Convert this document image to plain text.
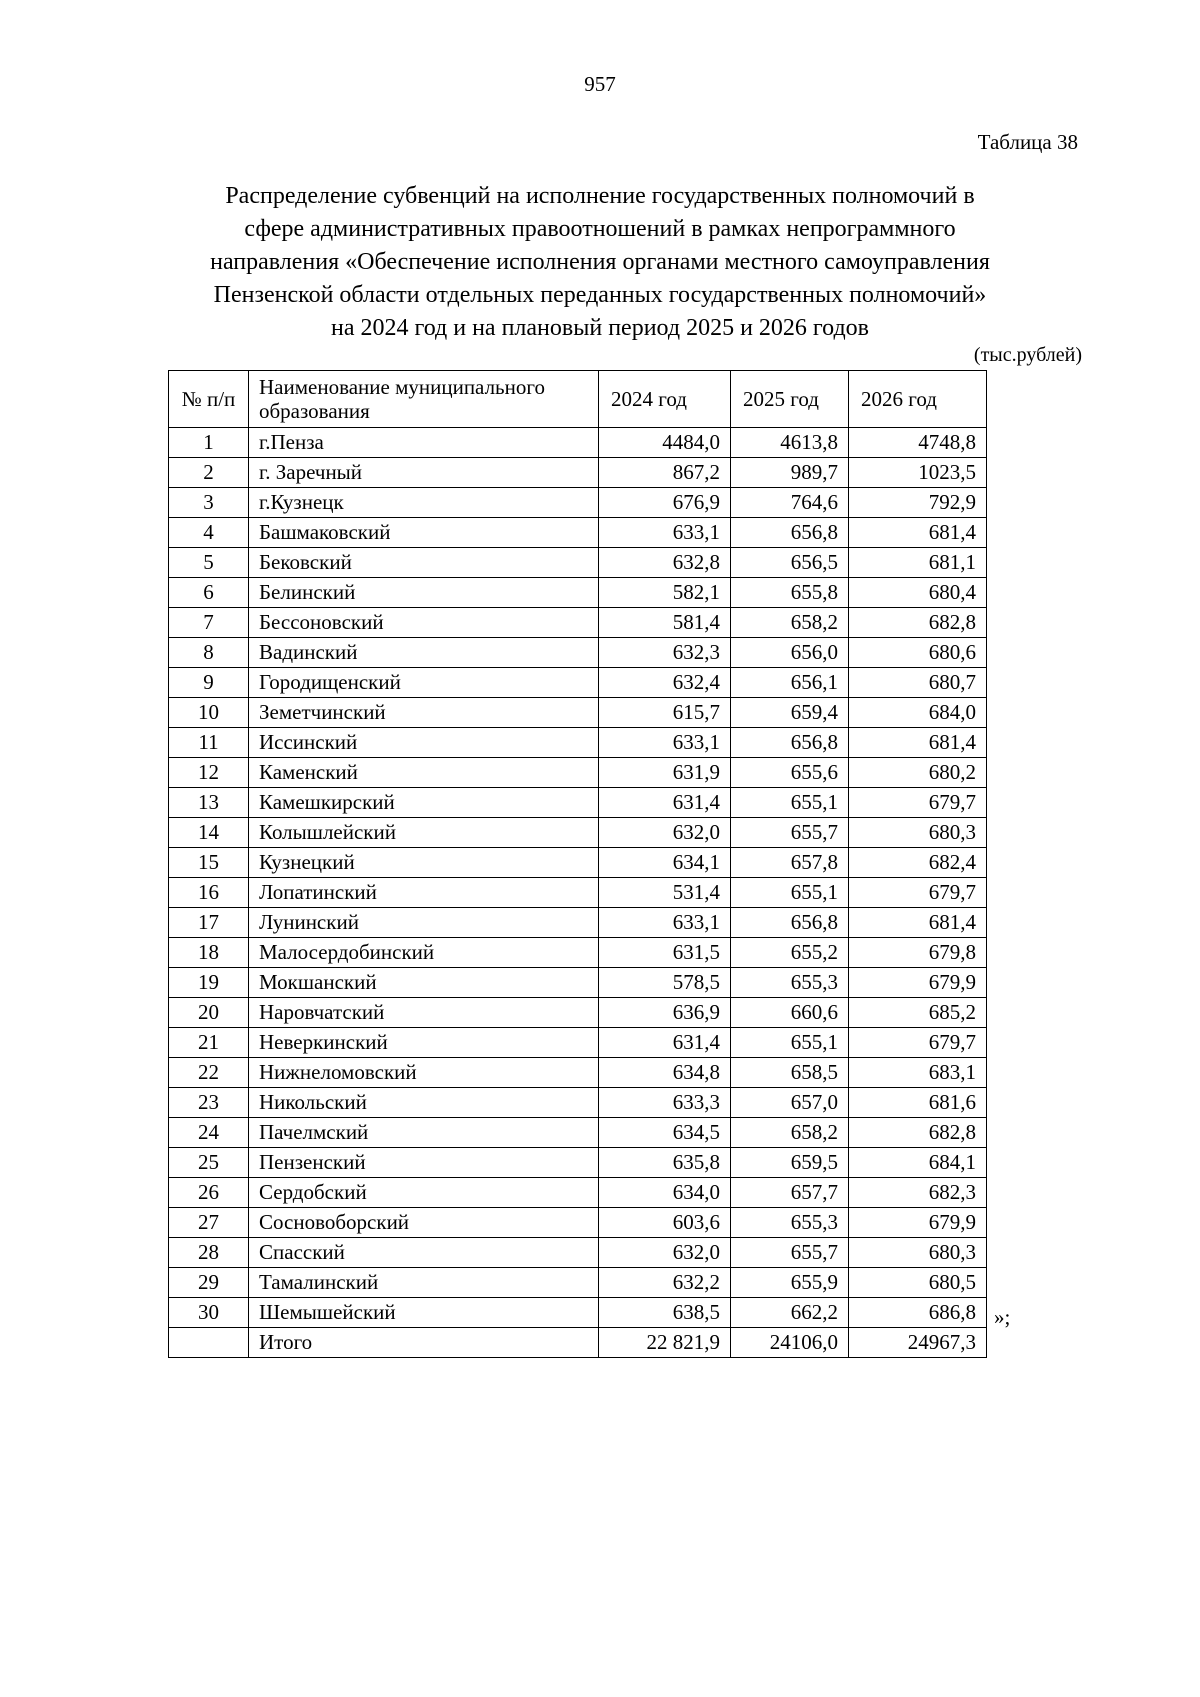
957
Таблица 38
Распределение субвенций на исполнение государственных полномочий в
сфере административных правоотношений в рамках непрограммного
направления «Обеспечение исполнения органами местного самоуправления
Пензенской области отдельных переданных государственных полномочий»
на 2024 год и на плановый период 2025 и 2026 годов
(тыс.рублей)
№ п/п	Наименование муниципального образования	2024 год	2025 год	2026 год
1	г.Пенза	4484,0	4613,8	4748,8
2	г. Заречный	867,2	989,7	1023,5
3	г.Кузнецк	676,9	764,6	792,9
4	Башмаковский	633,1	656,8	681,4
5	Бековский	632,8	656,5	681,1
6	Белинский	582,1	655,8	680,4
7	Бессоновский	581,4	658,2	682,8
8	Вадинский	632,3	656,0	680,6
9	Городищенский	632,4	656,1	680,7
10	Земетчинский	615,7	659,4	684,0
11	Иссинский	633,1	656,8	681,4
12	Каменский	631,9	655,6	680,2
13	Камешкирский	631,4	655,1	679,7
14	Колышлейский	632,0	655,7	680,3
15	Кузнецкий	634,1	657,8	682,4
16	Лопатинский	531,4	655,1	679,7
17	Лунинский	633,1	656,8	681,4
18	Малосердобинский	631,5	655,2	679,8
19	Мокшанский	578,5	655,3	679,9
20	Наровчатский	636,9	660,6	685,2
21	Неверкинский	631,4	655,1	679,7
22	Нижнеломовский	634,8	658,5	683,1
23	Никольский	633,3	657,0	681,6
24	Пачелмский	634,5	658,2	682,8
25	Пензенский	635,8	659,5	684,1
26	Сердобский	634,0	657,7	682,3
27	Сосновоборский	603,6	655,3	679,9
28	Спасский	632,0	655,7	680,3
29	Тамалинский	632,2	655,9	680,5
30	Шемышейский	638,5	662,2	686,8
	Итого	22 821,9	24106,0	24967,3
»;
